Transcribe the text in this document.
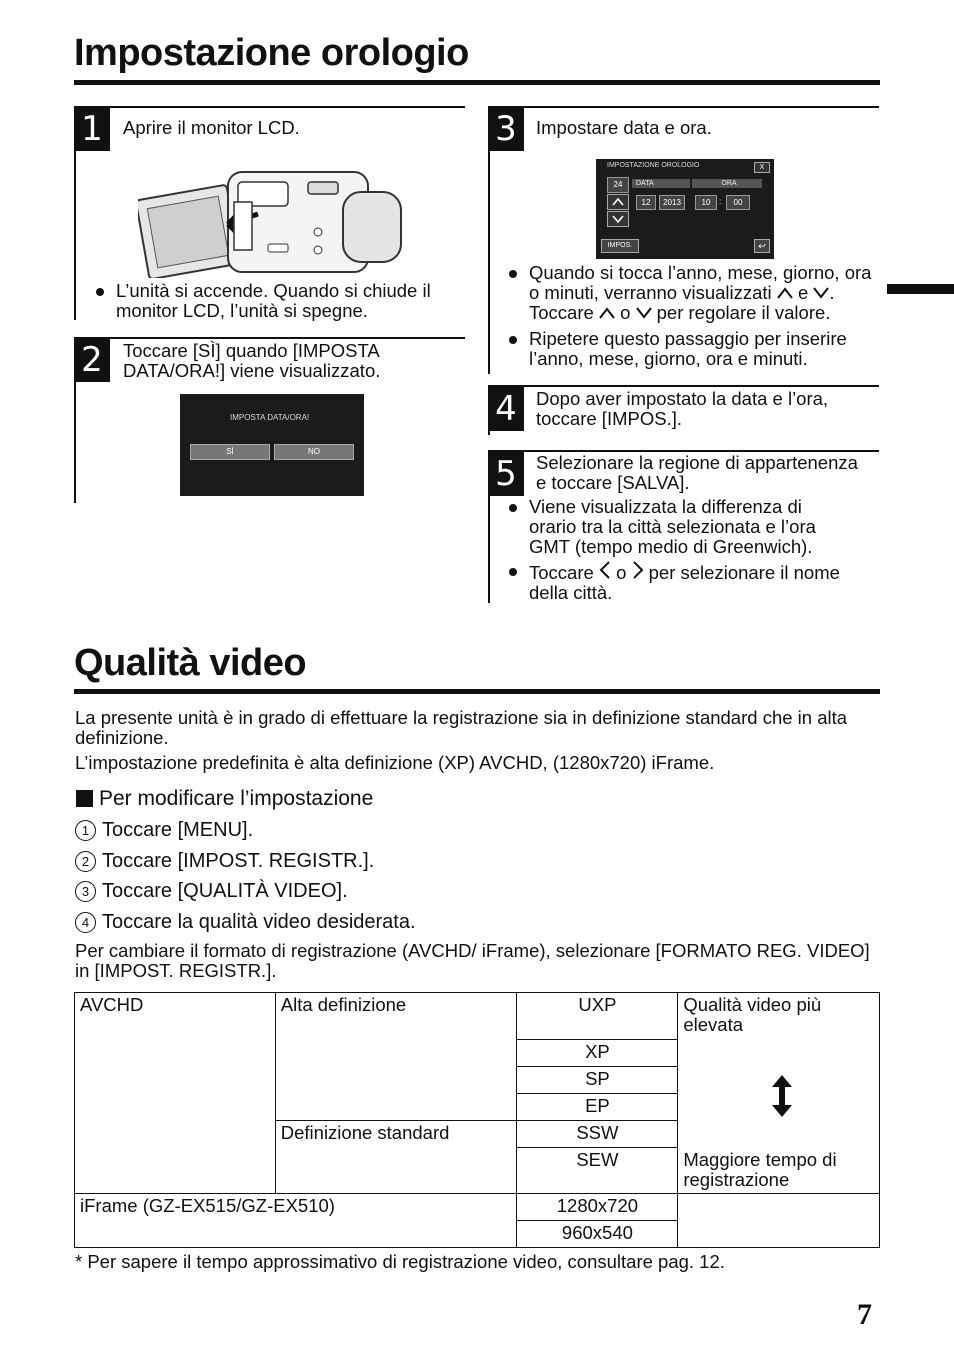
Impostazione orologio
1	Aprire il monitor LCD.
L’unità si accende. Quando si chiude il monitor LCD, l’unità si spegne.
2	Toccare [SÌ] quando [IMPOSTA DATA/ORA!] viene visualizzato.
IMPOSTA DATA/ORA!
SÌ	NO
3	Impostare data e ora.
IMPOSTAZIONE OROLOGIO	X
24	DATA	ORA
12	2013	10	:	00
IMPOS.	↩
Quando si tocca l’anno, mese, giorno, ora o minuti, verranno visualizzati e . Toccare o per regolare il valore.
Ripetere questo passaggio per inserire l’anno, mese, giorno, ora e minuti.
4	Dopo aver impostato la data e l’ora, toccare [IMPOS.].
5	Selezionare la regione di appartenenza e toccare [SALVA].
Viene visualizzata la differenza di orario tra la città selezionata e l’ora GMT (tempo medio di Greenwich).
Toccare o per selezionare il nome della città.
Qualità video
La presente unità è in grado di effettuare la registrazione sia in definizione standard che in alta definizione.
L’impostazione predefinita è alta definizione (XP) AVCHD, (1280x720) iFrame.
Per modificare l’impostazione
1 Toccare [MENU].
2 Toccare [IMPOST. REGISTR.].
3 Toccare [QUALITÀ VIDEO].
4 Toccare la qualità video desiderata.
Per cambiare il formato di registrazione (AVCHD/ iFrame), selezionare [FORMATO REG. VIDEO] in [IMPOST. REGISTR.].
AVCHD	Alta definizione	UXP	Qualità video più elevata
Maggiore tempo di registrazione

		XP	
		SP	
		EP	
	Definizione standard	SSW	
		SEW	
iFrame (GZ-EX515/GZ-EX510)		1280x720	
		960x540	
* Per sapere il tempo approssimativo di registrazione video, consultare pag. 12.
7
